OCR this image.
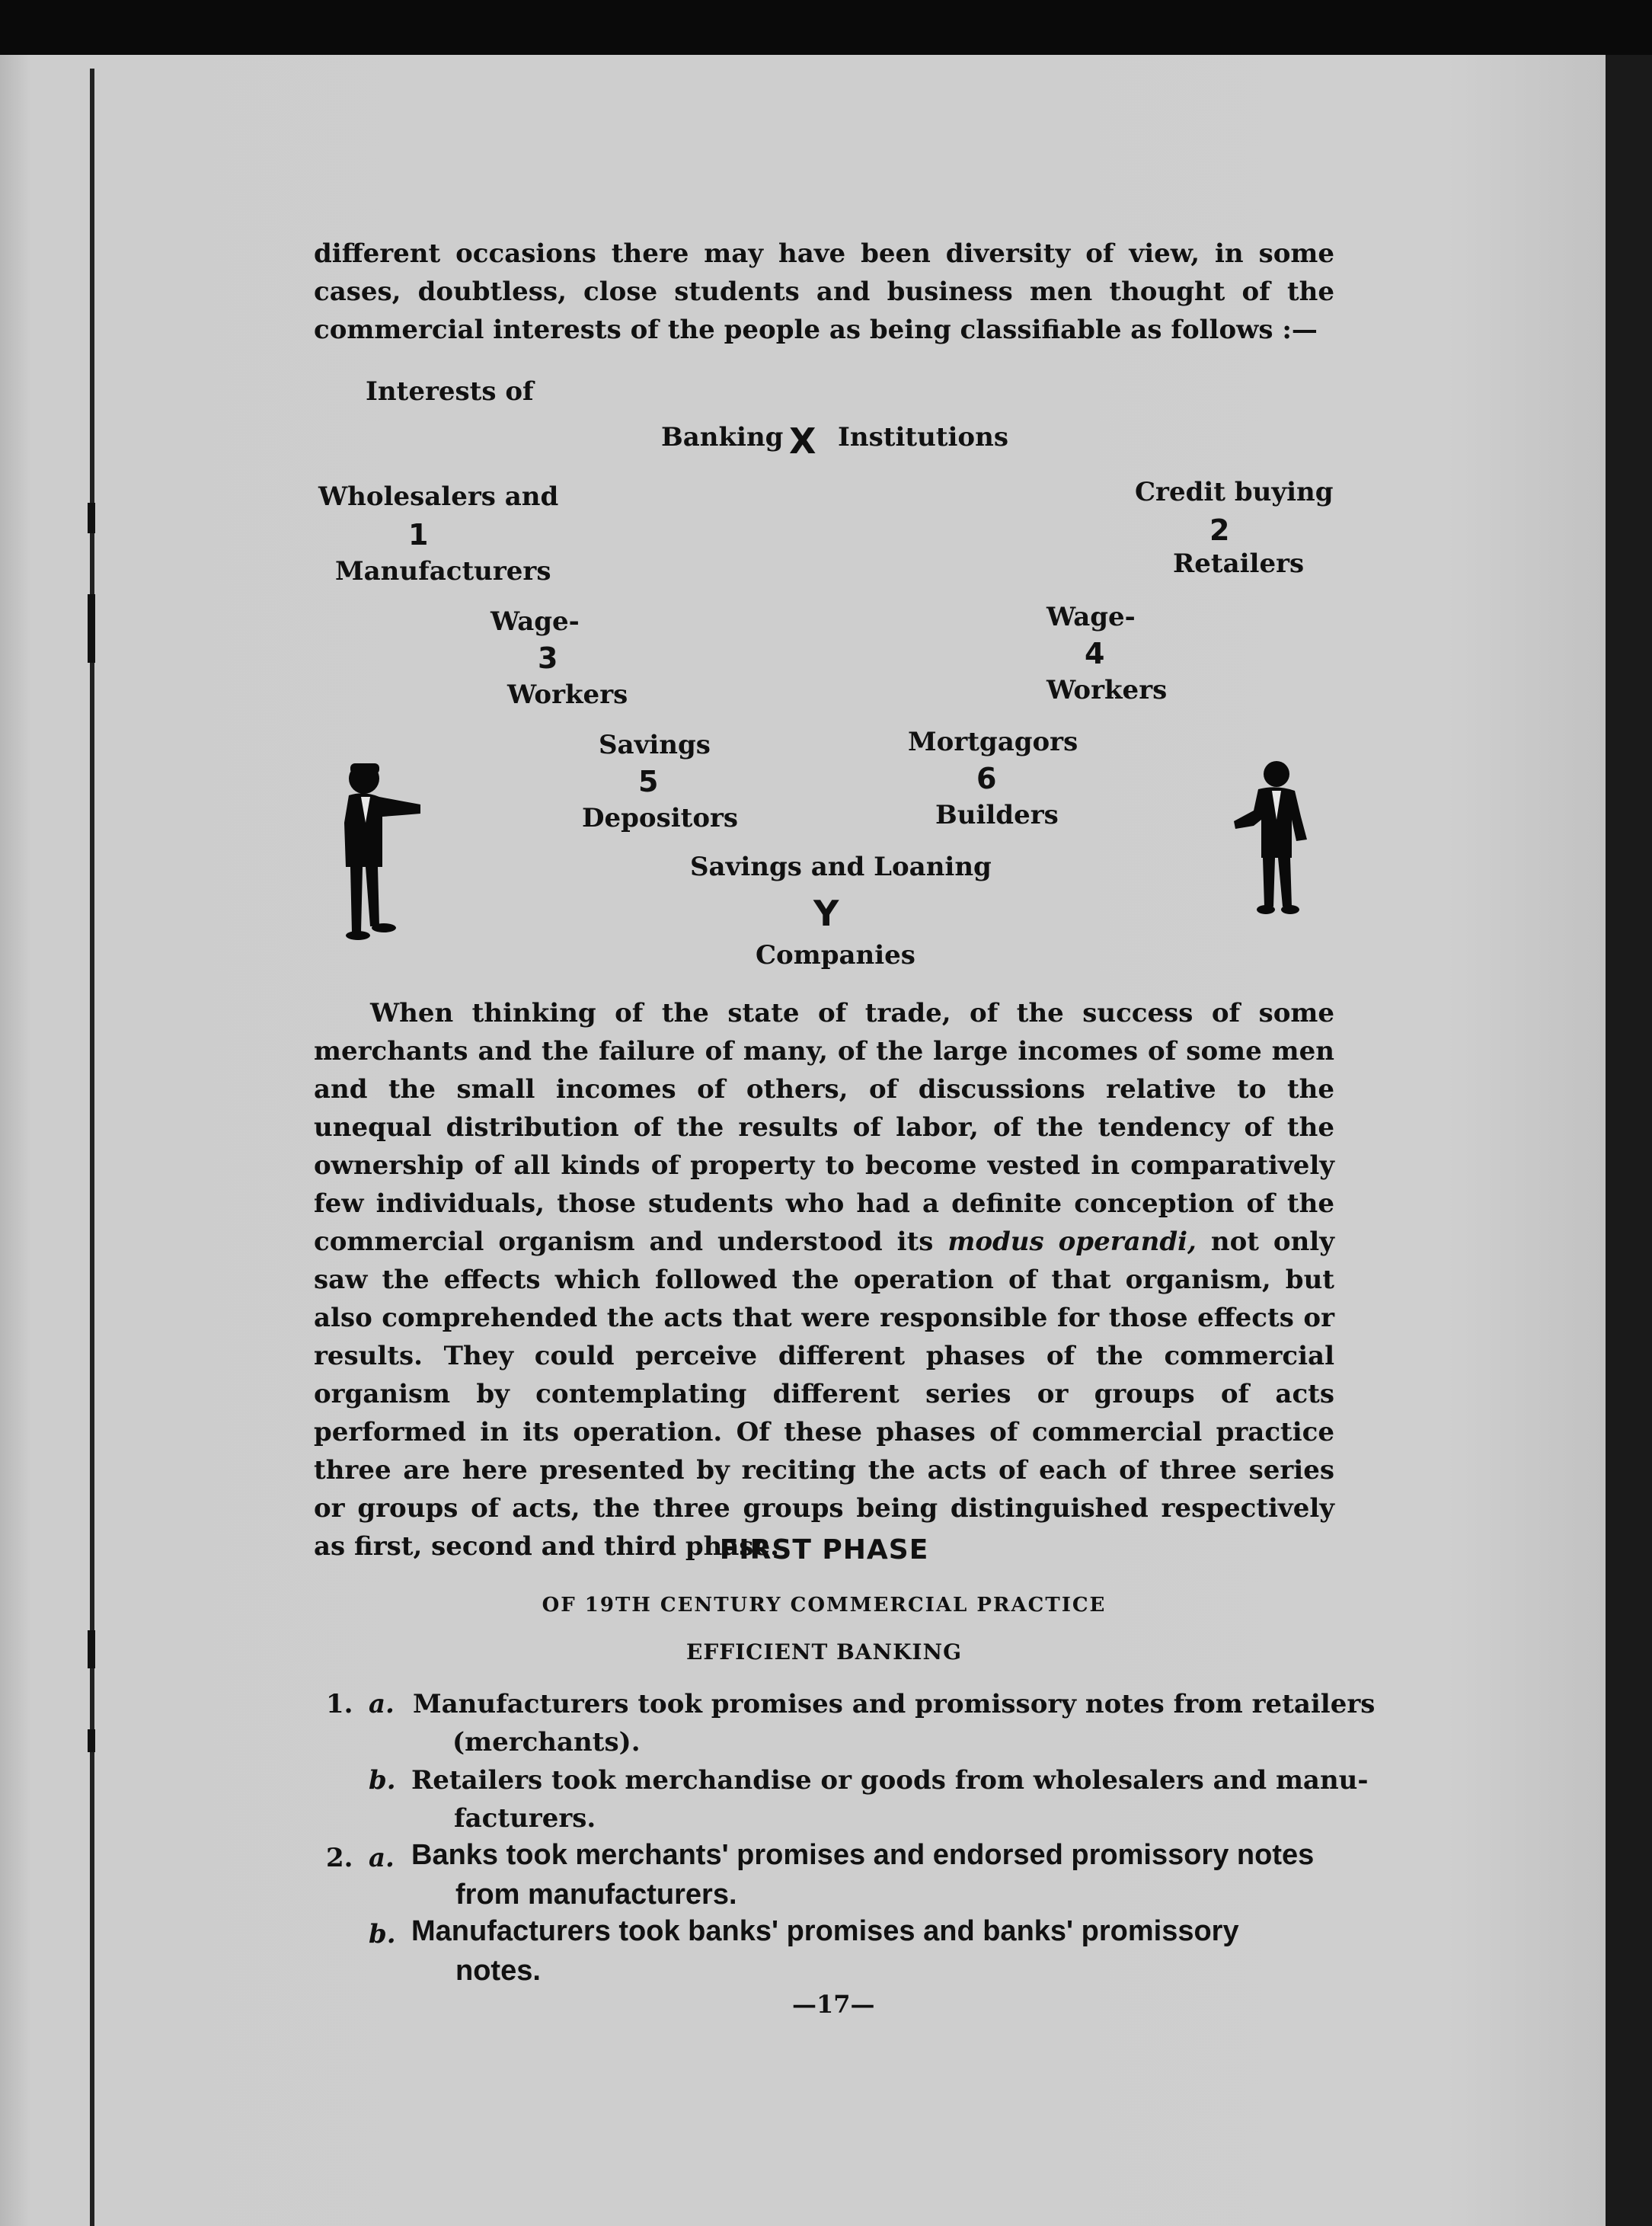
different occasions there may have been diversity of view, in some cases, doubtless, close students and business men thought of the commercial interests of the people as being classifiable as follows :—
Interests of
Banking X Institutions
Wholesalers and
1
Manufacturers
Credit buying
2
Retailers
Wage-
3
Workers
Wage-
4
Workers
Savings
5
Depositors
Mortgagors
6
Builders
Savings and Loaning
Y
Companies
When thinking of the state of trade, of the success of some merchants and the failure of many, of the large incomes of some men and the small incomes of others, of discussions relative to the unequal distribution of the results of labor, of the tendency of the ownership of all kinds of property to become vested in comparatively few individuals, those students who had a definite conception of the commercial organism and understood its modus operandi, not only saw the effects which followed the operation of that organism, but also comprehended the acts that were responsible for those effects or results. They could perceive different phases of the commercial organism by contemplating different series or groups of acts performed in its operation. Of these phases of commercial practice three are here presented by reciting the acts of each of three series or groups of acts, the three groups being distinguished respectively as first, second and third phase.
FIRST PHASE
OF 19TH CENTURY COMMERCIAL PRACTICE
EFFICIENT BANKING
1. a. Manufacturers took promises and promissory notes from retailers
(merchants).
b. Retailers took merchandise or goods from wholesalers and manu-
facturers.
2. a. Banks took merchants' promises and endorsed promissory notes
from manufacturers.
b. Manufacturers took banks' promises and banks' promissory
notes.
—17—
